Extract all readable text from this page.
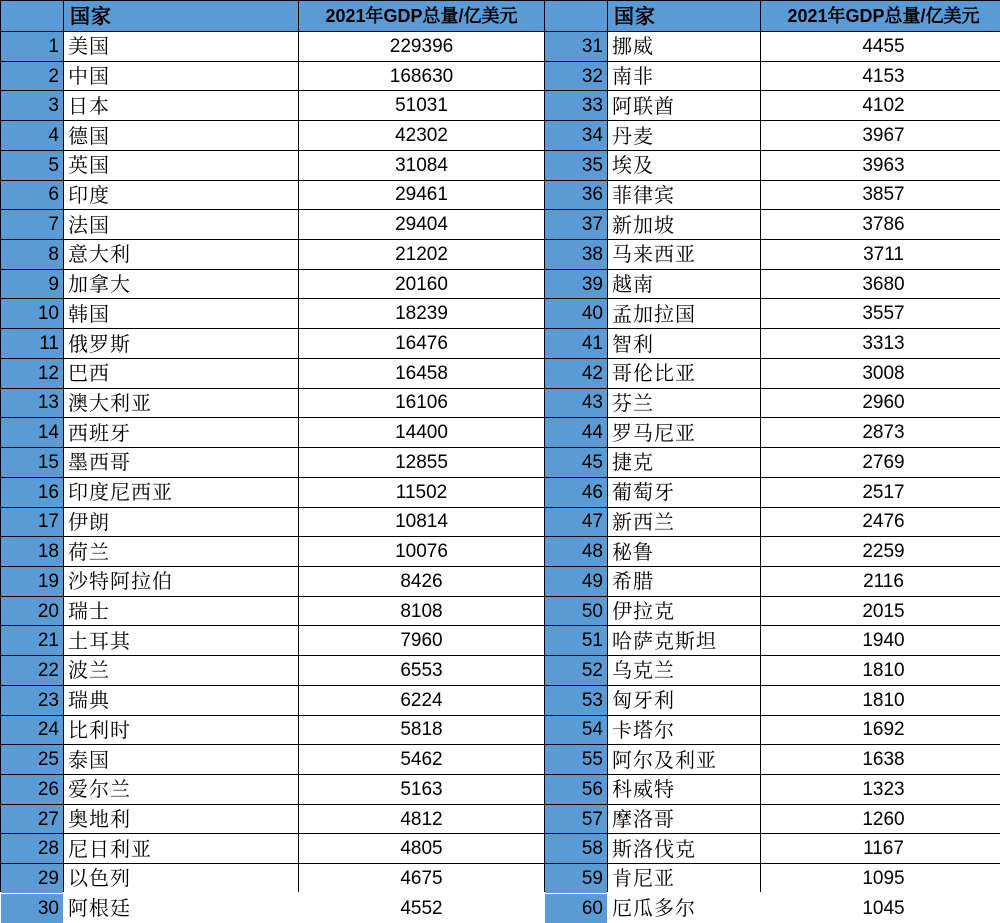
国家	2021年GDP总量/亿美元	国家	2021年GDP总量/亿美元
1 美国	229396	31 挪威	4455
2 中国	168630	32 南非	4153
3 日本	51031	33 阿联酋	4102
4 德国	42302	34 丹麦	3967
5 英国	31084	35 埃及	3963
6 印度	29461	36 菲律宾	3857
7 法国	29404	37 新加坡	3786
8 意大利	21202	38 马来西亚	3711
9 加拿大	20160	39 越南	3680
10 韩国	18239	40 孟加拉国	3557
11 俄罗斯	16476	41 智利	3313
12 巴西	16458	42 哥伦比亚	3008
13 澳大利亚	16106	43 芬兰	2960
14 西班牙	14400	44 罗马尼亚	2873
15 墨西哥	12855	45 捷克	2769
16 印度尼西亚	11502	46 葡萄牙	2517
17 伊朗	10814	47 新西兰	2476
18 荷兰	10076	48 秘鲁	2259
19 沙特阿拉伯	8426	49 希腊	2116
20 瑞士	8108	50 伊拉克	2015
21 土耳其	7960	51 哈萨克斯坦	1940
22 波兰	6553	52 乌克兰	1810
23 瑞典	6224	53 匈牙利	1810
24 比利时	5818	54 卡塔尔	1692
25 泰国	5462	55 阿尔及利亚	1638
26 爱尔兰	5163	56 科威特	1323
27 奥地利	4812	57 摩洛哥	1260
28 尼日利亚	4805	58 斯洛伐克	1167
29 以色列	4675	59 肯尼亚	1095
30 阿根廷	4552	60 厄瓜多尔	1045
